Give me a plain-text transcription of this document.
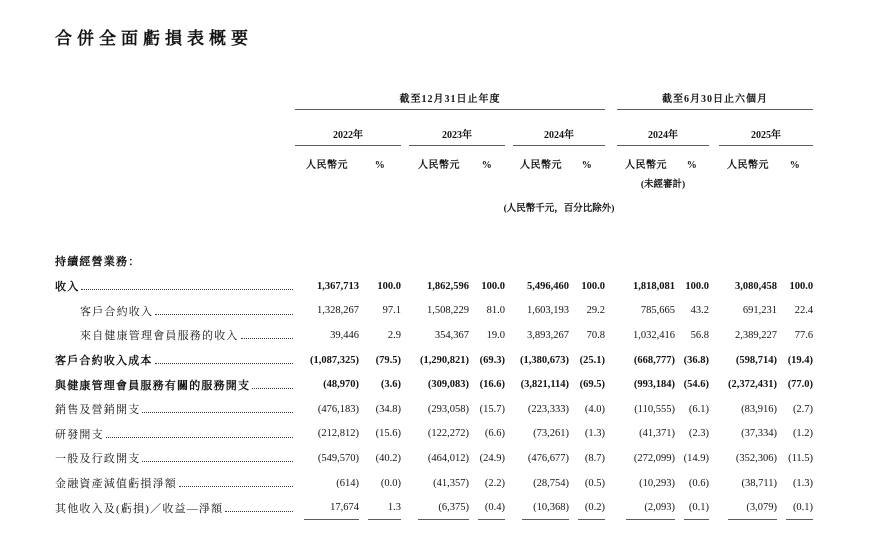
合併全面虧損表概要
	截至12月31日止年度									截至6月30日止六個月				
	2022年			2023年			2024年			2024年			2025年	
	人民幣元	%		人民幣元	%		人民幣元	%		人民幣元	%		人民幣元	%
										(未經審計)				

							(人民幣千元，百分比除外)							

持續經營業務：														

收入	1,367,713	100.0		1,862,596	100.0		5,496,460	100.0		1,818,081	100.0		3,080,458	100.0

客戶合約收入	1,328,267	97.1		1,508,229	81.0		1,603,193	29.2		785,665	43.2		691,231	22.4

來自健康管理會員服務的收入	39,446	2.9		354,367	19.0		3,893,267	70.8		1,032,416	56.8		2,389,227	77.6

客戶合約收入成本	(1,087,325)	(79.5)		(1,290,821)	(69.3)		(1,380,673)	(25.1)		(668,777)	(36.8)		(598,714)	(19.4)

與健康管理會員服務有關的服務開支	(48,970)	(3.6)		(309,083)	(16.6)		(3,821,114)	(69.5)		(993,184)	(54.6)		(2,372,431)	(77.0)

銷售及營銷開支	(476,183)	(34.8)		(293,058)	(15.7)		(223,333)	(4.0)		(110,555)	(6.1)		(83,916)	(2.7)

研發開支	(212,812)	(15.6)		(122,272)	(6.6)		(73,261)	(1.3)		(41,371)	(2.3)		(37,334)	(1.2)

一般及行政開支	(549,570)	(40.2)		(464,012)	(24.9)		(476,677)	(8.7)		(272,099)	(14.9)		(352,306)	(11.5)

金融資產減值虧損淨額	(614)	(0.0)		(41,357)	(2.2)		(28,754)	(0.5)		(10,293)	(0.6)		(38,711)	(1.3)

其他收入及(虧損)／收益—淨額	17,674	1.3		(6,375)	(0.4)		(10,368)	(0.2)		(2,093)	(0.1)		(3,079)	(0.1)
